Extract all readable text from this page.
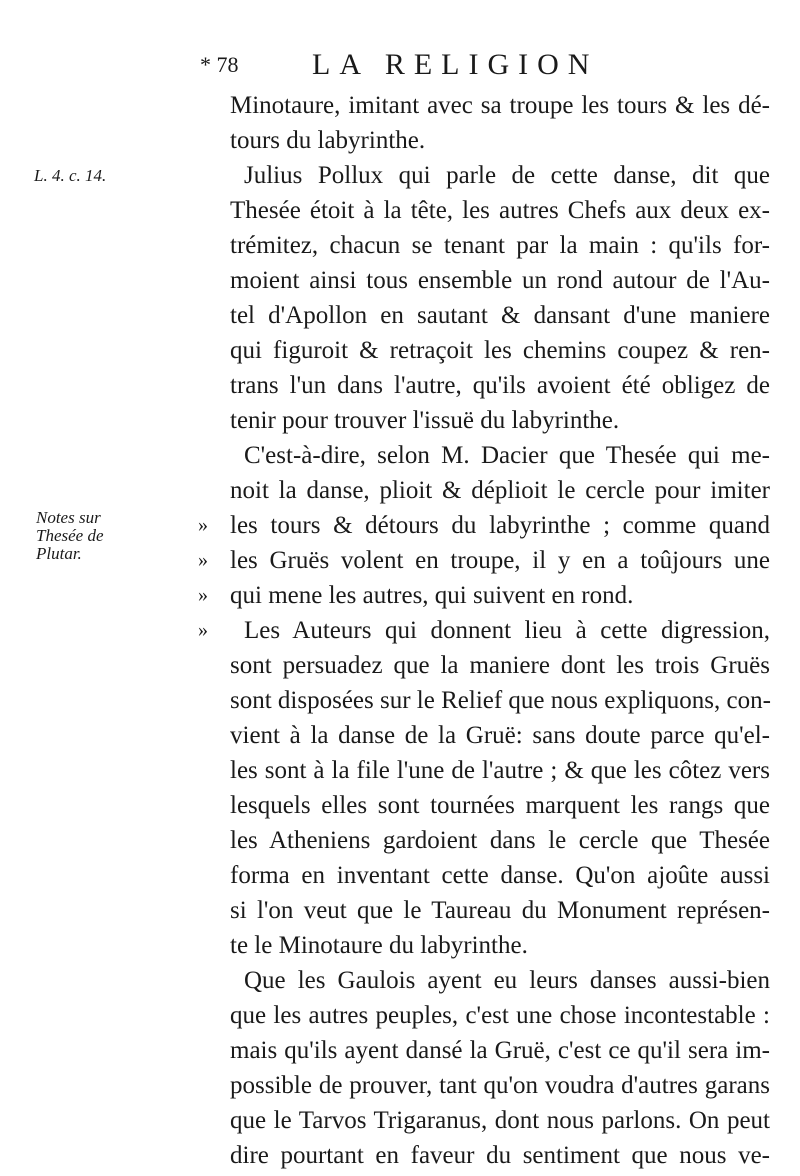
* 78 LA RELIGION
L. 4. c. 14.
Notes sur
Thesée de
Plutar.
»
»
»
»
Minotaure, imitant avec sa troupe les tours & les dé-
tours du labyrinthe.
Julius Pollux qui parle de cette danse, dit que
Thesée étoit à la tête, les autres Chefs aux deux ex-
trémitez, chacun se tenant par la main : qu'ils for-
moient ainsi tous ensemble un rond autour de l'Au-
tel d'Apollon en sautant & dansant d'une maniere
qui figuroit & retraçoit les chemins coupez & ren-
trans l'un dans l'autre, qu'ils avoient été obligez de
tenir pour trouver l'issuë du labyrinthe.
C'est-à-dire, selon M. Dacier que Thesée qui me-
noit la danse, plioit & déplioit le cercle pour imiter
les tours & détours du labyrinthe ; comme quand
les Gruës volent en troupe, il y en a toûjours une
qui mene les autres, qui suivent en rond.
Les Auteurs qui donnent lieu à cette digression,
sont persuadez que la maniere dont les trois Gruës
sont disposées sur le Relief que nous expliquons, con-
vient à la danse de la Gruë: sans doute parce qu'el-
les sont à la file l'une de l'autre ; & que les côtez vers
lesquels elles sont tournées marquent les rangs que
les Atheniens gardoient dans le cercle que Thesée
forma en inventant cette danse. Qu'on ajoûte aussi
si l'on veut que le Taureau du Monument représen-
te le Minotaure du labyrinthe.
Que les Gaulois ayent eu leurs danses aussi-bien
que les autres peuples, c'est une chose incontestable :
mais qu'ils ayent dansé la Gruë, c'est ce qu'il sera im-
possible de prouver, tant qu'on voudra d'autres garans
que le Tarvos Trigaranus, dont nous parlons. On peut
dire pourtant en faveur du sentiment que nous ve-
